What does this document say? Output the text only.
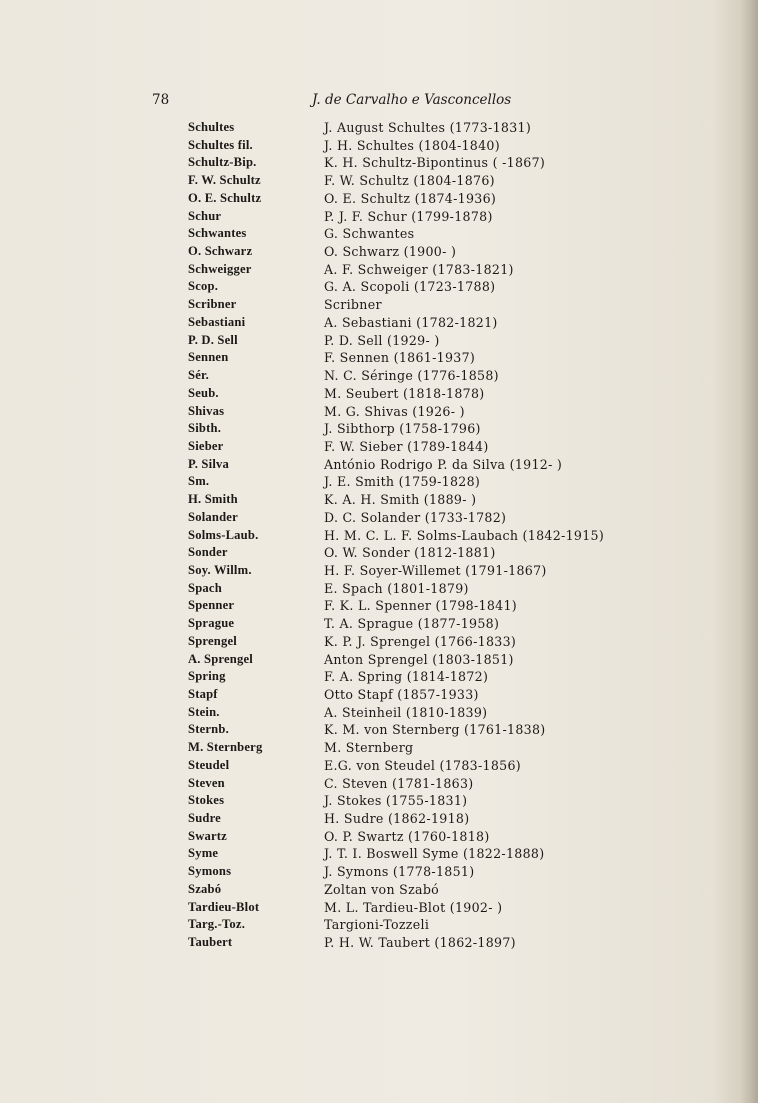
78	J. de Carvalho e Vasconcellos
Schultes	J. August Schultes (1773-1831)
Schultes fil.	J. H. Schultes (1804-1840)
Schultz-Bip.	K. H. Schultz-Bipontinus ( -1867)
F. W. Schultz	F. W. Schultz (1804-1876)
O. E. Schultz	O. E. Schultz (1874-1936)
Schur	P. J. F. Schur (1799-1878)
Schwantes	G. Schwantes
O. Schwarz	O. Schwarz (1900- )
Schweigger	A. F. Schweiger (1783-1821)
Scop.	G. A. Scopoli (1723-1788)
Scribner	Scribner
Sebastiani	A. Sebastiani (1782-1821)
P. D. Sell	P. D. Sell (1929- )
Sennen	F. Sennen (1861-1937)
Sér.	N. C. Séringe (1776-1858)
Seub.	M. Seubert (1818-1878)
Shivas	M. G. Shivas (1926- )
Sibth.	J. Sibthorp (1758-1796)
Sieber	F. W. Sieber (1789-1844)
P. Silva	António Rodrigo P. da Silva (1912- )
Sm.	J. E. Smith (1759-1828)
H. Smith	K. A. H. Smith (1889- )
Solander	D. C. Solander (1733-1782)
Solms-Laub.	H. M. C. L. F. Solms-Laubach (1842-1915)
Sonder	O. W. Sonder (1812-1881)
Soy. Willm.	H. F. Soyer-Willemet (1791-1867)
Spach	E. Spach (1801-1879)
Spenner	F. K. L. Spenner (1798-1841)
Sprague	T. A. Sprague (1877-1958)
Sprengel	K. P. J. Sprengel (1766-1833)
A. Sprengel	Anton Sprengel (1803-1851)
Spring	F. A. Spring (1814-1872)
Stapf	Otto Stapf (1857-1933)
Stein.	A. Steinheil (1810-1839)
Sternb.	K. M. von Sternberg (1761-1838)
M. Sternberg	M. Sternberg
Steudel	E.G. von Steudel (1783-1856)
Steven	C. Steven (1781-1863)
Stokes	J. Stokes (1755-1831)
Sudre	H. Sudre (1862-1918)
Swartz	O. P. Swartz (1760-1818)
Syme	J. T. I. Boswell Syme (1822-1888)
Symons	J. Symons (1778-1851)
Szabó	Zoltan von Szabó
Tardieu-Blot	M. L. Tardieu-Blot (1902- )
Targ.-Toz.	Targioni-Tozzeli
Taubert	P. H. W. Taubert (1862-1897)
